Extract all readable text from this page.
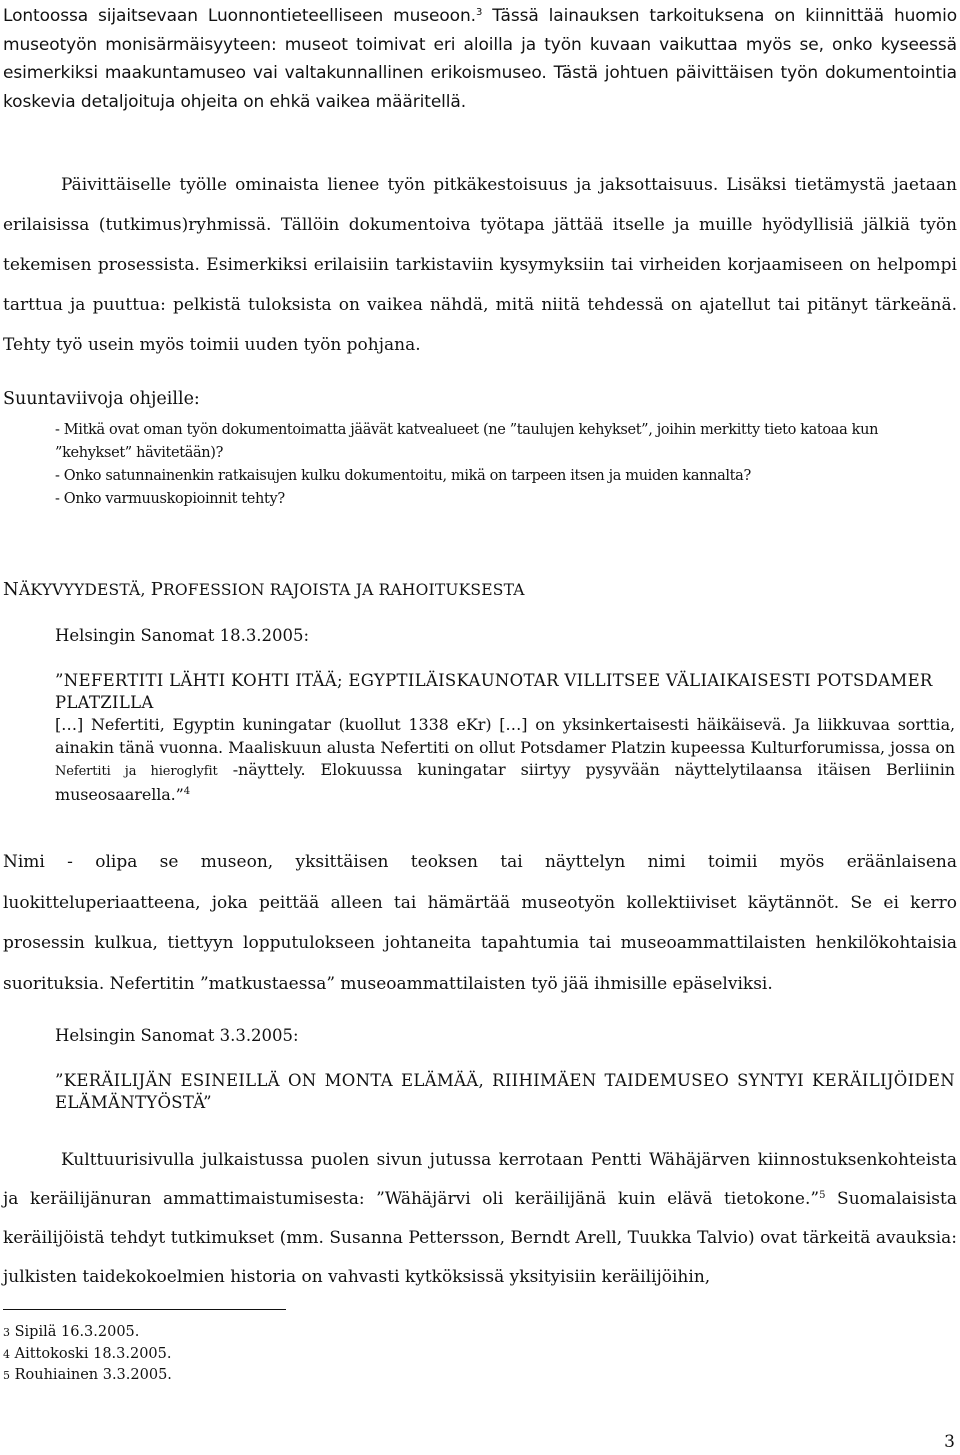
Lontoossa sijaitsevaan Luonnontieteelliseen museoon.$^3$ Tässä lainauksen tarkoituksena on kiinnittää huomio museotyön monisärmäisyyteen: museot toimivat eri aloilla ja työn kuvaan vaikuttaa myös se, onko kyseessä esimerkiksi maakuntamuseo vai valtakunnallinen erikoismuseo. Tästä johtuen päivittäisen työn dokumentointia koskevia detaljoituja ohjeita on ehkä vaikea määritellä.

Päivittäiselle työlle ominaista lienee työn pitkäkestoisuus ja jaksottaisuus. Lisäksi tietämystä jaetaan erilaisissa (tutkimus)ryhmissä. Tällöin dokumentoiva työtapa jättää itselle ja muille hyödyllisiä jälkiä työn tekemisen prosessista. Esimerkiksi erilaisiin tarkistaviin kysymyksiin tai virheiden korjaamiseen on helpompi tarttua ja puuttua: pelkistä tuloksista on vaikea nähdä, mitä niitä tehdessä on ajatellut tai pitänyt tärkeänä. Tehty työ usein myös toimii uuden työn pohjana.

Suuntaviivoja ohjeille:
- Mitkä ovat oman työn dokumentoimatta jäävät katvealueet (ne ”taulujen kehykset”, joihin merkitty tieto katoaa kun ”kehykset” hävitetään)?
- Onko satunnainenkin ratkaisujen kulku dokumentoitu, mikä on tarpeen itsen ja muiden kannalta?
- Onko varmuuskopioinnit tehty?
NÄKYVYYDESTÄ, PROFESSION RAJOISTA JA RAHOITUKSESTA
Helsingin Sanomat 18.3.2005:
”NEFERTITI LÄHTI KOHTI ITÄÄ; EGYPTILÄISKAUNOTAR VILLITSEE VÄLIAIKAISESTI POTSDAMER PLATZILLA
[…] Nefertiti, Egyptin kuningatar (kuollut 1338 eKr) […] on yksinkertaisesti häikäisevä. Ja liikkuvaa sorttia, ainakin tänä vuonna. Maaliskuun alusta Nefertiti on ollut Potsdamer Platzin kupeessa Kulturforumissa, jossa on Nefertiti ja hieroglyfit -näyttely. Elokuussa kuningatar siirtyy pysyvään näyttelytilaansa itäisen Berliinin museosaarella.”$^4$

Nimi - olipa se museon, yksittäisen teoksen tai näyttelyn nimi toimii myös eräänlaisena luokitteluperiaatteena, joka peittää alleen tai hämärtää museotyön kollektiiviset käytännöt. Se ei kerro prosessin kulkua, tiettyyn lopputulokseen johtaneita tapahtumia tai museoammattilaisten henkilökohtaisia suorituksia. Nefertitin ”matkustaessa” museoammattilaisten työ jää ihmisille epäselviksi.

Helsingin Sanomat 3.3.2005:
”KERÄILIJÄN ESINEILLÄ ON MONTA ELÄMÄÄ, RIIHIMÄEN TAIDEMUSEO SYNTYI KERÄILIJÖIDEN ELÄMÄNTYÖSTÄ”

Kulttuurisivulla julkaistussa puolen sivun jutussa kerrotaan Pentti Wähäjärven kiinnostuksenkohteista ja keräilijänuran ammattimaistumisesta: ”Wähäjärvi oli keräilijänä kuin elävä tietokone.”$^5$ Suomalaisista keräilijöistä tehdyt tutkimukset (mm. Susanna Pettersson, Berndt Arell, Tuukka Talvio) ovat tärkeitä avauksia: julkisten taidekokoelmien historia on vahvasti kytköksissä yksityisiin keräilijöihin,

3 Sipilä 16.3.2005.
4 Aittokoski 18.3.2005.
5 Rouhiainen 3.3.2005.
3
